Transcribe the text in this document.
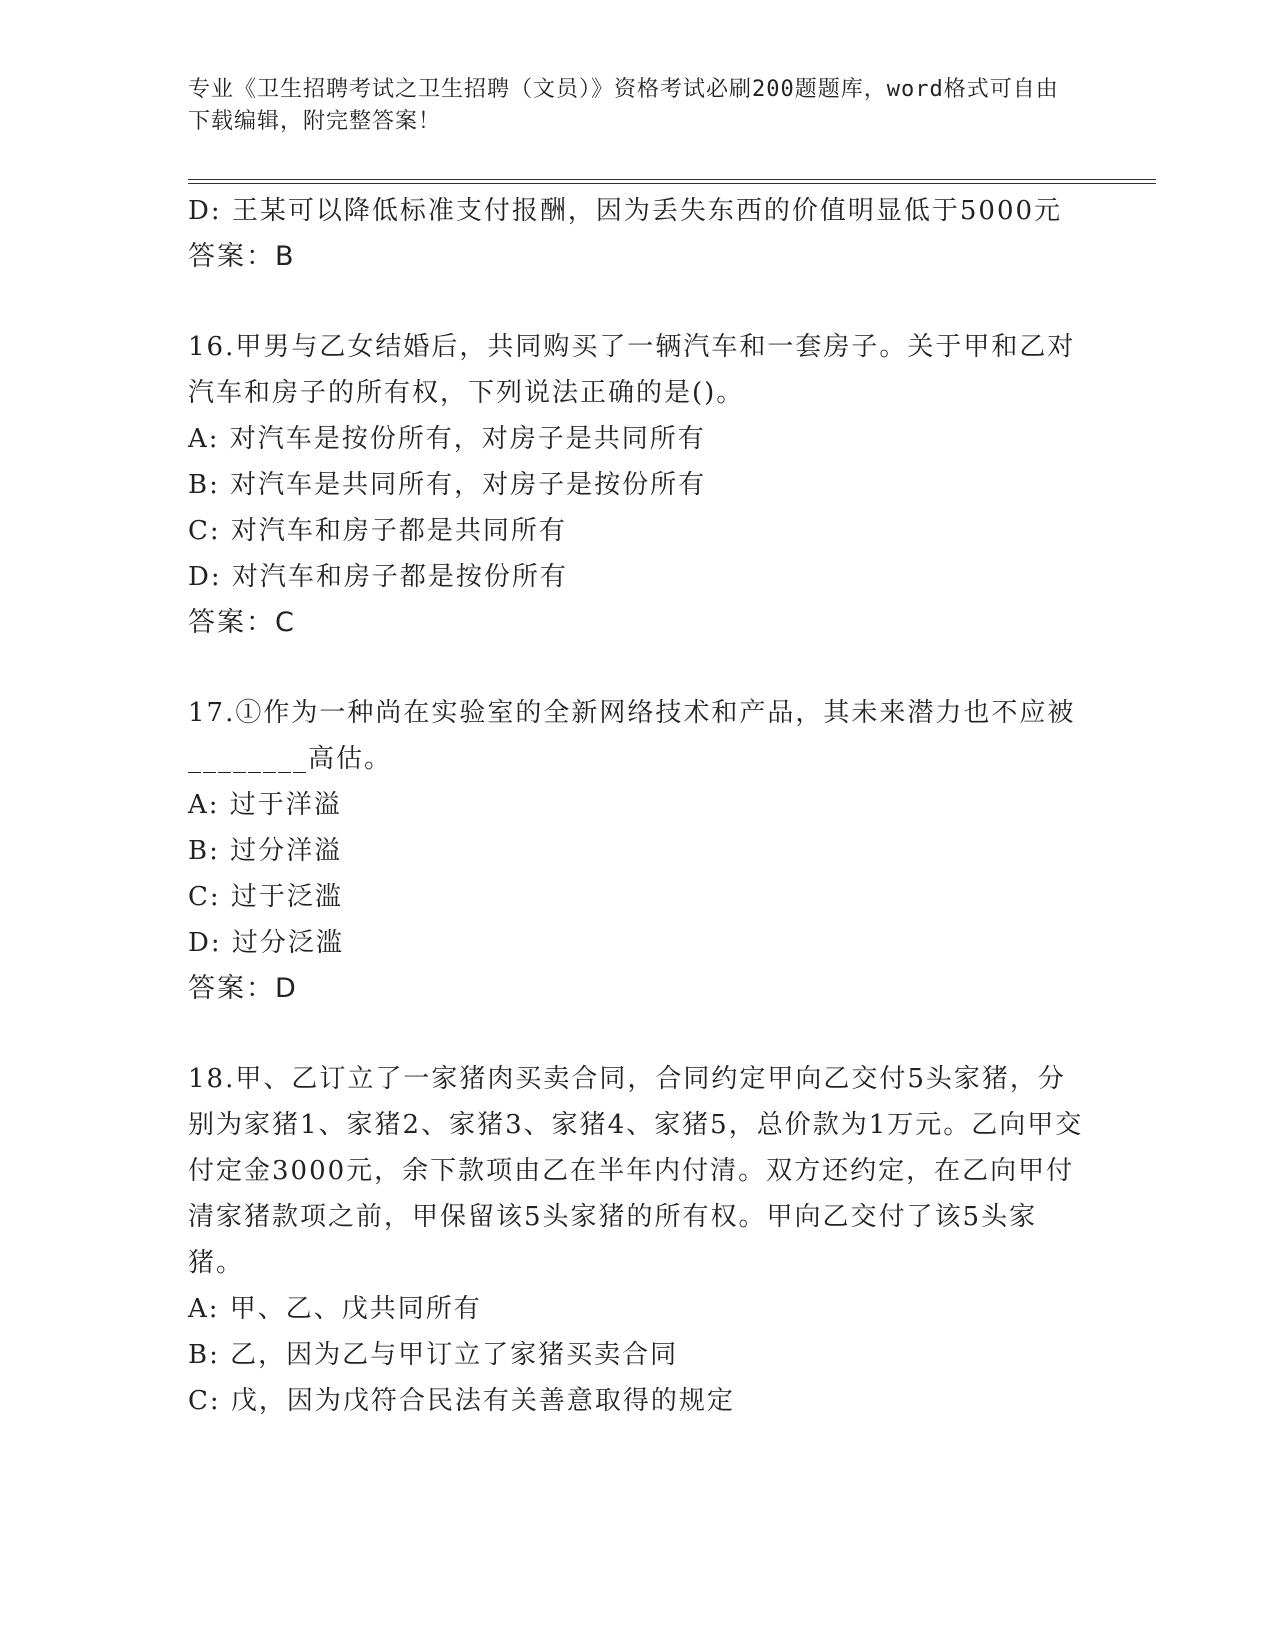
专业《卫生招聘考试之卫生招聘（文员）》资格考试必刷200题题库，word格式可自由下载编辑，附完整答案！
D: 王某可以降低标准支付报酬，因为丢失东西的价值明显低于5000元
答案：B
16.甲男与乙女结婚后，共同购买了一辆汽车和一套房子。关于甲和乙对汽车和房子的所有权，下列说法正确的是()。
A: 对汽车是按份所有，对房子是共同所有
B: 对汽车是共同所有，对房子是按份所有
C: 对汽车和房子都是共同所有
D: 对汽车和房子都是按份所有
答案：C
17.①作为一种尚在实验室的全新网络技术和产品，其未来潜力也不应被________高估。
A: 过于洋溢
B: 过分洋溢
C: 过于泛滥
D: 过分泛滥
答案：D
18.甲、乙订立了一家猪肉买卖合同，合同约定甲向乙交付5头家猪，分别为家猪1、家猪2、家猪3、家猪4、家猪5，总价款为1万元。乙向甲交付定金3000元，余下款项由乙在半年内付清。双方还约定，在乙向甲付清家猪款项之前，甲保留该5头家猪的所有权。甲向乙交付了该5头家猪。
A: 甲、乙、戊共同所有
B: 乙，因为乙与甲订立了家猪买卖合同
C: 戊，因为戊符合民法有关善意取得的规定
